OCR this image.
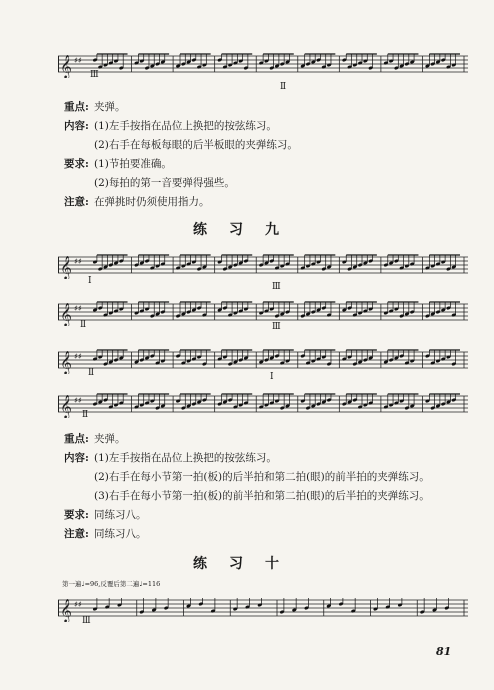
𝄞 ♯♯
Ⅲ
Ⅱ
重点: 夹弹。
内容: (1)左手按指在品位上换把的按弦练习。
(2)右手在每板每眼的后半板眼的夹弹练习。
要求: (1)节拍要准确。
(2)每拍的第一音要弹得强些。
注意: 在弹挑时仍须使用指力。
练习九
𝄞 ♯♯
Ⅰ
Ⅲ
𝄞 ♯♯
Ⅱ	Ⅲ
𝄞 ♯♯
Ⅱ	Ⅰ
𝄞 ♯♯
Ⅱ
重点: 夹弹。
内容: (1)左手按指在品位上换把的按弦练习。
(2)右手在每小节第一拍(板)的后半拍和第二拍(眼)的前半拍的夹弹练习。
(3)右手在每小节第一拍(板)的前半拍和第二拍(眼)的后半拍的夹弹练习。
要求: 同练习八。
注意: 同练习八。
练习十
第一遍♩=96,反覆后第二遍♩=116
𝄞 ♯♯
Ⅲ
81
